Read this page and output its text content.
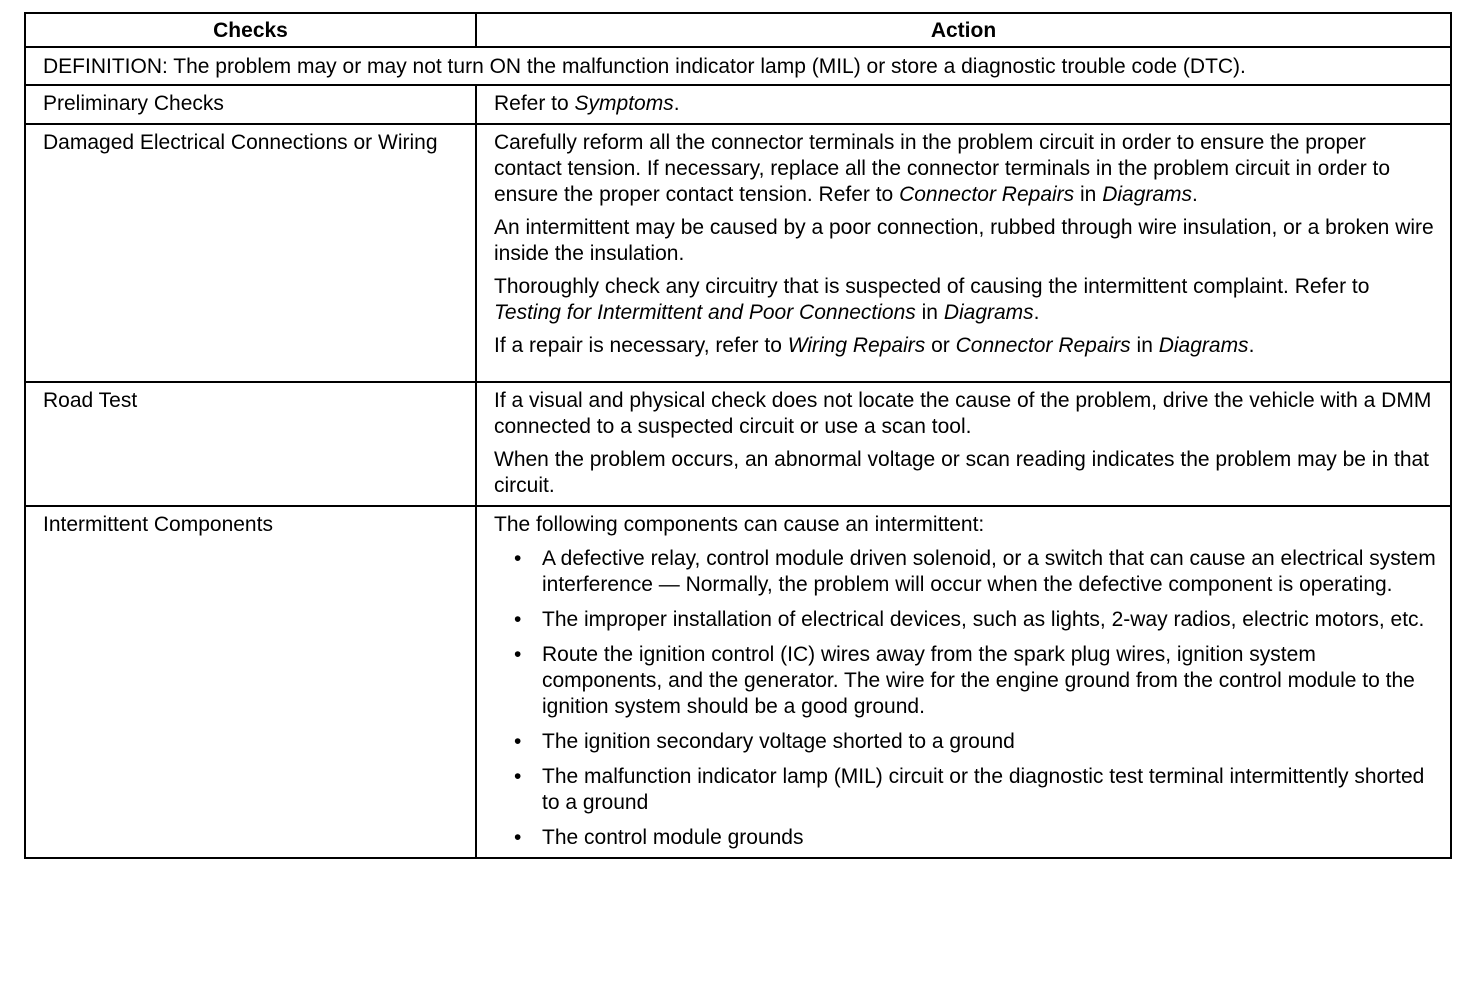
Checks	Action
DEFINITION: The problem may or may not turn ON the malfunction indicator lamp (MIL) or store a diagnostic trouble code (DTC).	
Preliminary Checks	Refer to Symptoms.

Damaged Electrical Connections or Wiring	Carefully reform all the connector terminals in the problem circuit in order to ensure the proper contact tension. If necessary, replace all the connector terminals in the problem circuit in order to ensure the proper contact tension. Refer to Connector Repairs in Diagrams.
An intermittent may be caused by a poor connection, rubbed through wire insulation, or a broken wire inside the insulation.
Thoroughly check any circuitry that is suspected of causing the intermittent complaint. Refer to Testing for Intermittent and Poor Connections in Diagrams.
If a repair is necessary, refer to Wiring Repairs or Connector Repairs in Diagrams.

Road Test	If a visual and physical check does not locate the cause of the problem, drive the vehicle with a DMM connected to a suspected circuit or use a scan tool.
When the problem occurs, an abnormal voltage or scan reading indicates the problem may be in that circuit.

Intermittent Components	The following components can cause an intermittent:
• A defective relay, control module driven solenoid, or a switch that can cause an electrical system interference — Normally, the problem will occur when the defective component is operating.
• The improper installation of electrical devices, such as lights, 2-way radios, electric motors, etc.
• Route the ignition control (IC) wires away from the spark plug wires, ignition system components, and the generator. The wire for the engine ground from the control module to the ignition system should be a good ground.
• The ignition secondary voltage shorted to a ground
• The malfunction indicator lamp (MIL) circuit or the diagnostic test terminal intermittently shorted to a ground
• The control module grounds
